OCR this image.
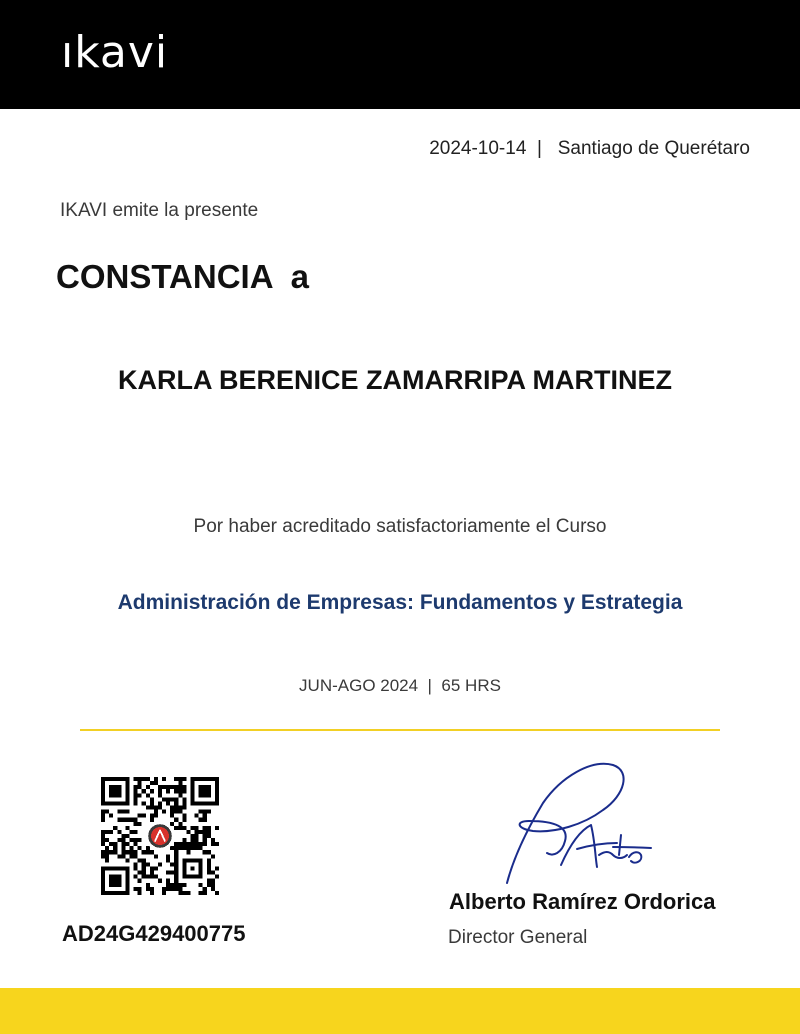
ıkavi
2024-10-14  |   Santiago de Querétaro
IKAVI emite la presente
CONSTANCIA a
KARLA BERENICE ZAMARRIPA MARTINEZ
Por haber acreditado satisfactoriamente el Curso
Administración de Empresas: Fundamentos y Estrategia
JUN-AGO 2024  |  65 HRS
AD24G429400775
Alberto Ramírez Ordorica
Director General
